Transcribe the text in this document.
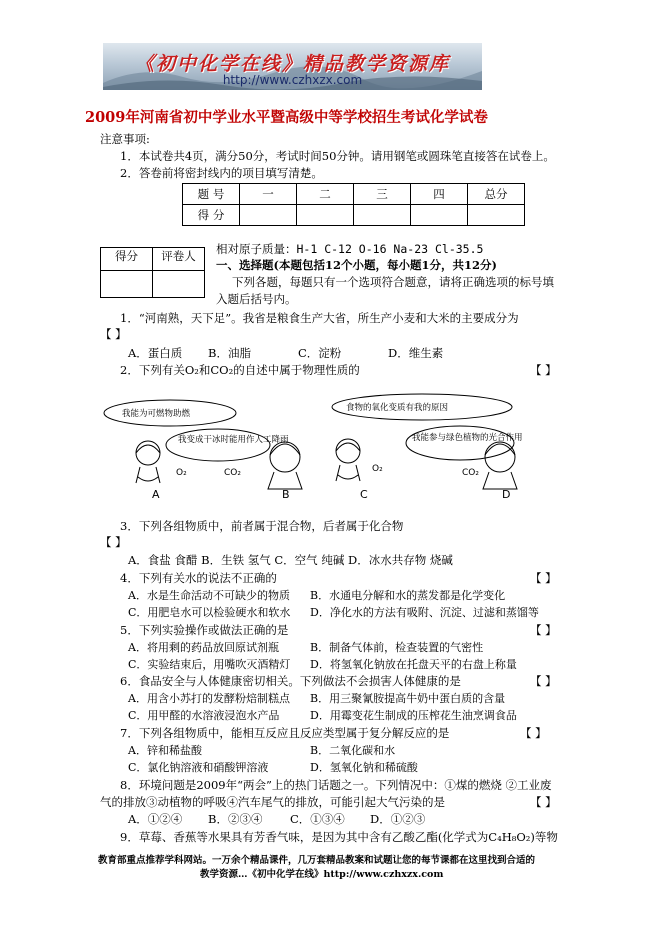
《初中化学在线》精品教学资源库
http://www.czhxzx.com
2009年河南省初中学业水平暨高级中等学校招生考试化学试卷
注意事项:
1．本试卷共4页，满分50分，考试时间50分钟。请用钢笔或圆珠笔直接答在试卷上。
2．答卷前将密封线内的项目填写清楚。
题 号	一	二	三	四	总分
得 分					
得分	评卷人
	相对原子质量：H-1 C-12 O-16 Na-23 Cl-35.5
一、选择题(本题包括12个小题，每小题1分，共12分)
下列各题，每题只有一个选项符合题意，请将正确选项的标号填
入题后括号内。
1．“河南熟，天下足”。我省是粮食生产大省，所生产小麦和大米的主要成分为
【 】
A．蛋白质 B．油脂	C．淀粉	D．维生素
2．下列有关O₂和CO₂的自述中属于物理性质的	【 】
我能为可燃物助燃
我变成干冰时能用作人工降雨
食物的氧化变质有我的原因
我能参与绿色植物的光合作用
O₂	CO₂	O₂	CO₂
A	B	C	D
3．下列各组物质中，前者属于混合物，后者属于化合物
【 】
A．食盐 食醋 B．生铁 氢气 C．空气 纯碱 D．冰水共存物 烧碱
4．下列有关水的说法不正确的	【 】
A．水是生命活动不可缺少的物质 B．水通电分解和水的蒸发都是化学变化
C．用肥皂水可以检验硬水和软水 D．净化水的方法有吸附、沉淀、过滤和蒸馏等
5．下列实验操作或做法正确的是	【 】
A．将用剩的药品放回原试剂瓶	B．制备气体前，检查装置的气密性
C．实验结束后，用嘴吹灭酒精灯 D．将氢氧化钠放在托盘天平的右盘上称量
6．食品安全与人体健康密切相关。下列做法不会损害人体健康的是	【 】
A．用含小苏打的发酵粉焙制糕点 B．用三聚氰胺提高牛奶中蛋白质的含量
C．用甲醛的水溶液浸泡水产品	D．用霉变花生制成的压榨花生油烹调食品
7．下列各组物质中，能相互反应且反应类型属于复分解反应的是	【 】
A．锌和稀盐酸	B．二氧化碳和水
C．氯化钠溶液和硝酸钾溶液	D．氢氧化钠和稀硫酸
8．环境问题是2009年“两会”上的热门话题之一。下列情况中：①煤的燃烧 ②工业废
气的排放③动植物的呼吸④汽车尾气的排放，可能引起大气污染的是	【 】
A．①②④ B．②③④ C．①③④ D．①②③
9．草莓、香蕉等水果具有芳香气味，是因为其中含有乙酸乙酯(化学式为C₄H₈O₂)等物
教育部重点推荐学科网站。一万余个精品课件，几万套精品教案和试题让您的每节课都在这里找到合适的
教学资源…《初中化学在线》http://www.czhxzx.com
